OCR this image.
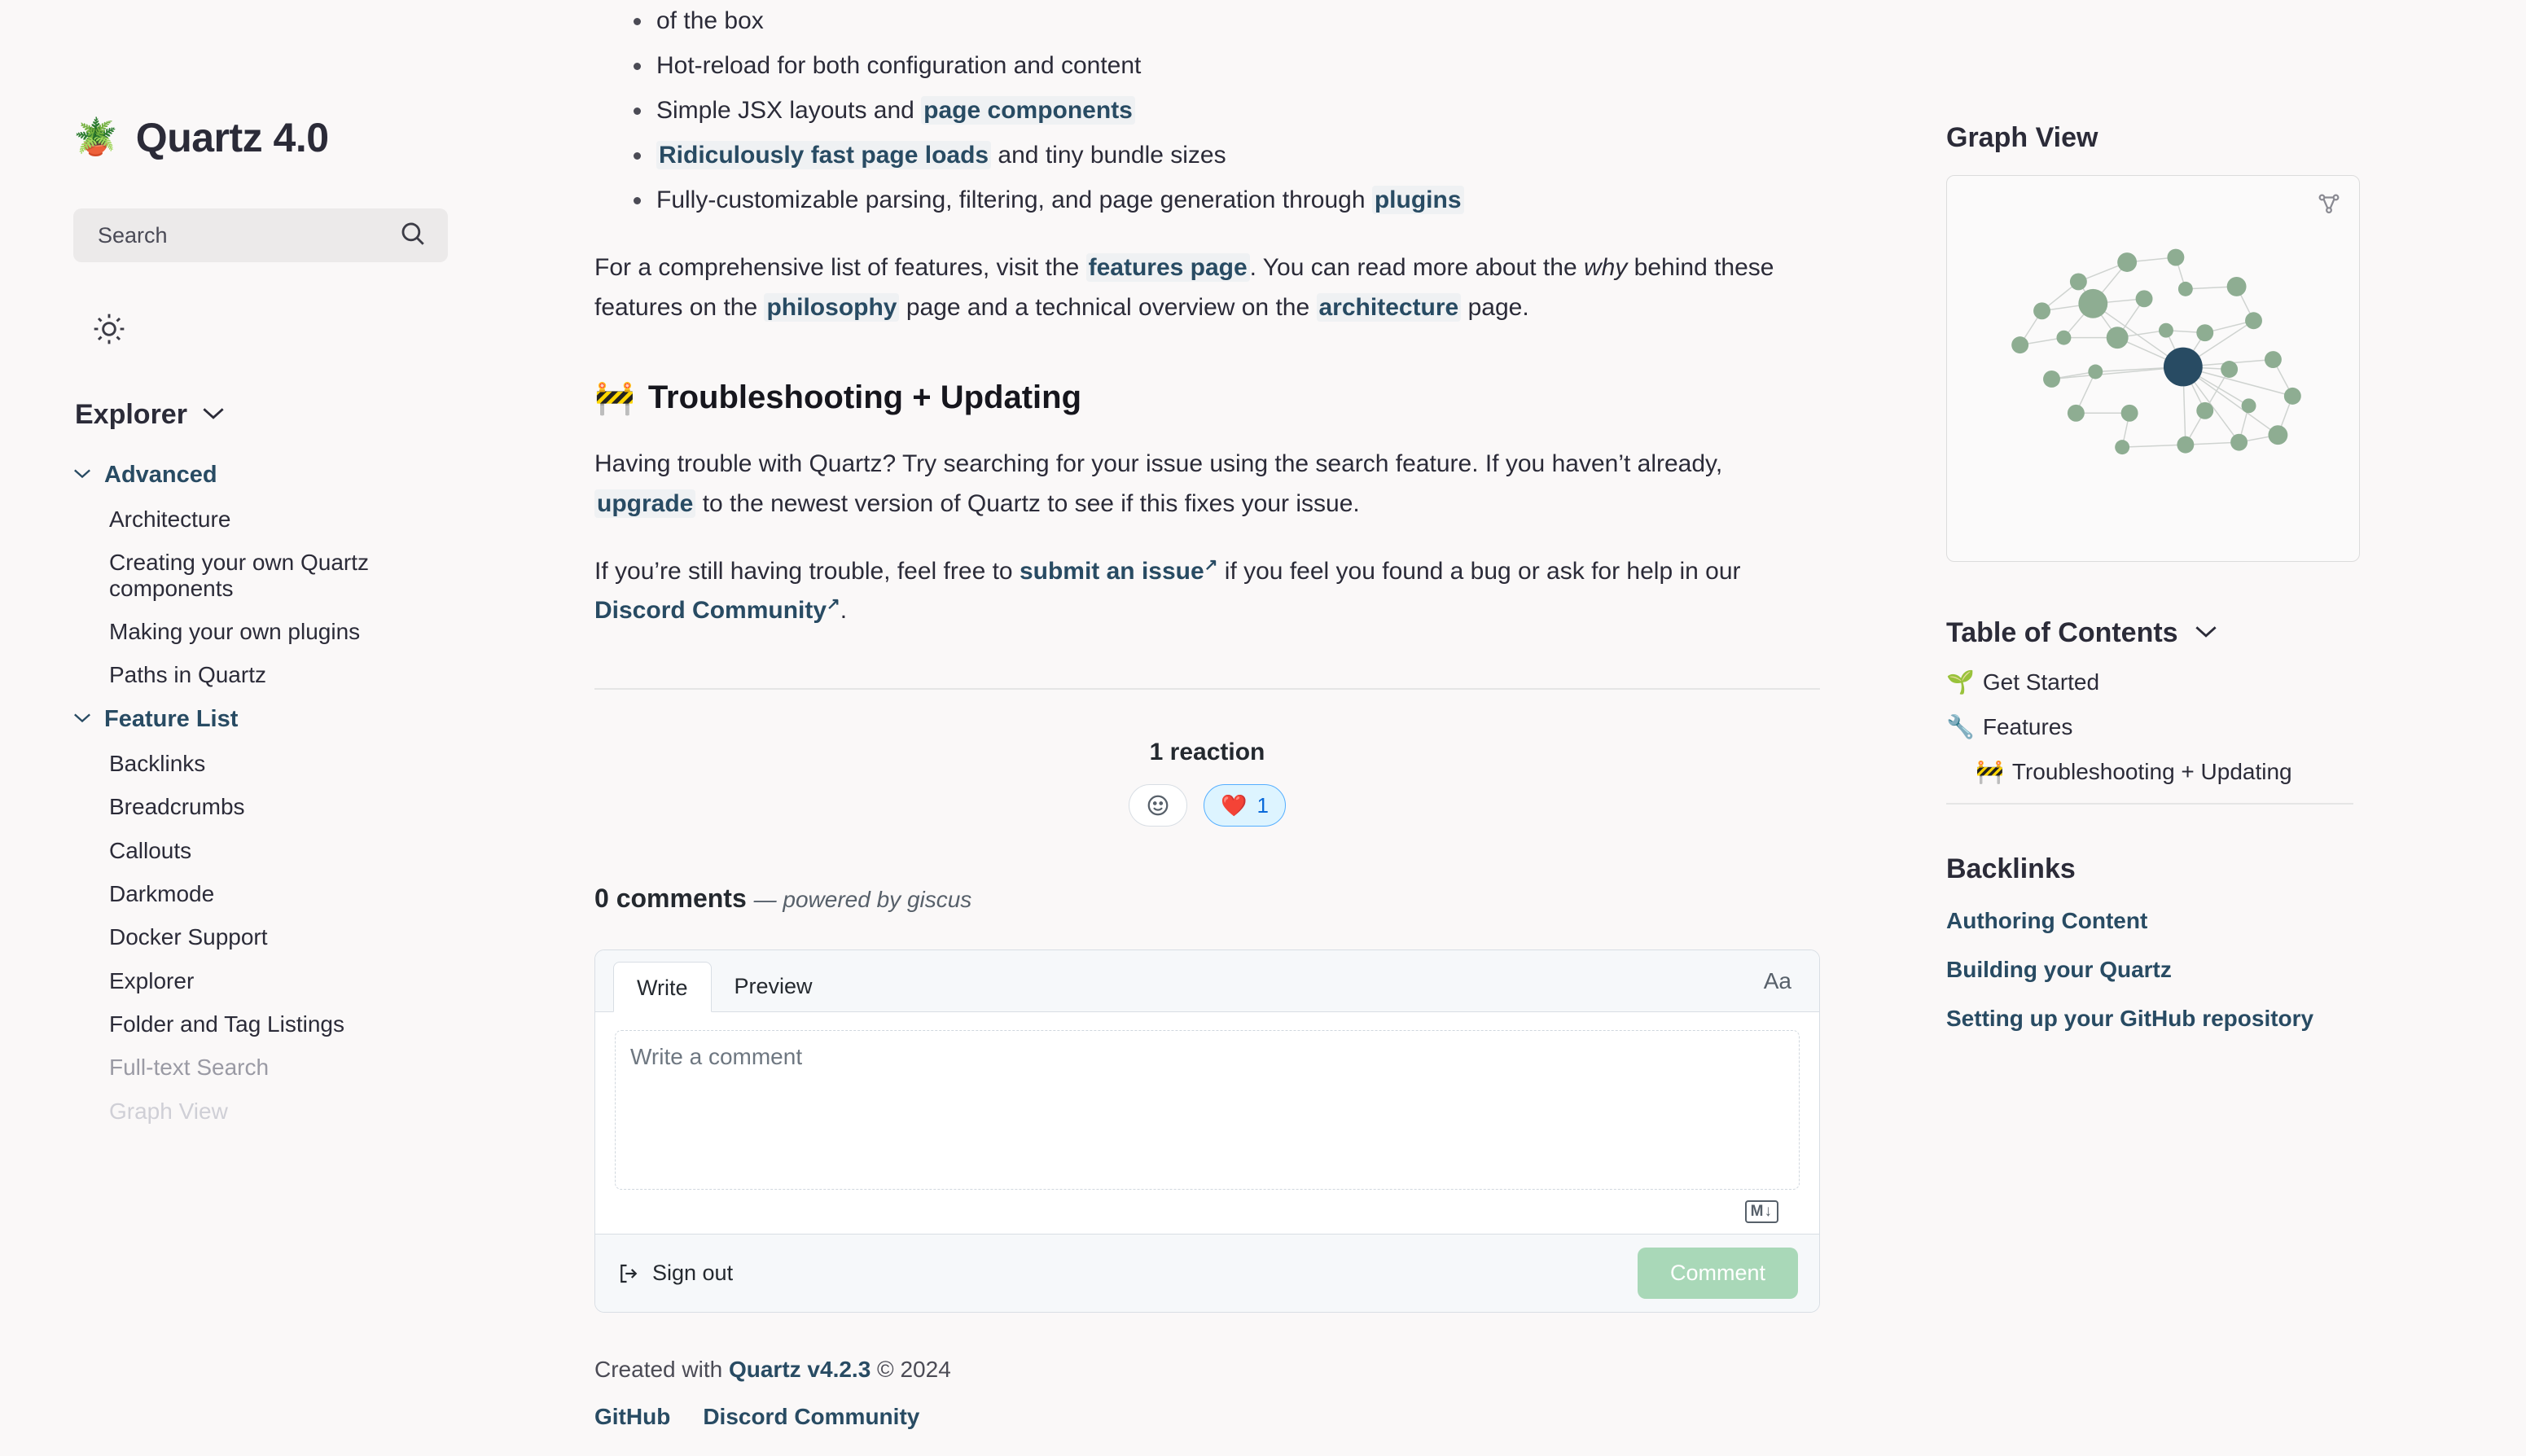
🪴 Quartz 4.0
Search
Explorer
Advanced
Architecture
Creating your own Quartz components
Making your own plugins
Paths in Quartz
Feature List
Backlinks
Breadcrumbs
Callouts
Darkmode
Docker Support
Explorer
Folder and Tag Listings
Full-text Search
Graph View
of the box
Hot-reload for both configuration and content
Simple JSX layouts and page components
Ridiculously fast page loads and tiny bundle sizes
Fully-customizable parsing, filtering, and page generation through plugins

For a comprehensive list of features, visit the features page . You can read more about the why behind these features on the philosophy page and a technical overview on the architecture page.

🚧 Troubleshooting + Updating

Having trouble with Quartz? Try searching for your issue using the search feature. If you haven’t already, upgrade to the newest version of Quartz to see if this fixes your issue.

If you’re still having trouble, feel free to submit an issue↗ if you feel you found a bug or ask for help in our Discord Community↗.

1 reaction
❤️ 1
0 comments — powered by giscus
Write	Preview	Aa
Write a comment
M↓
Sign out	Comment
Created with Quartz v4.2.3 © 2024
GitHub Discord Community
Graph View
Table of Contents
🌱 Get Started
🔧 Features
🚧 Troubleshooting + Updating
Backlinks
Authoring Content
Building your Quartz
Setting up your GitHub repository
